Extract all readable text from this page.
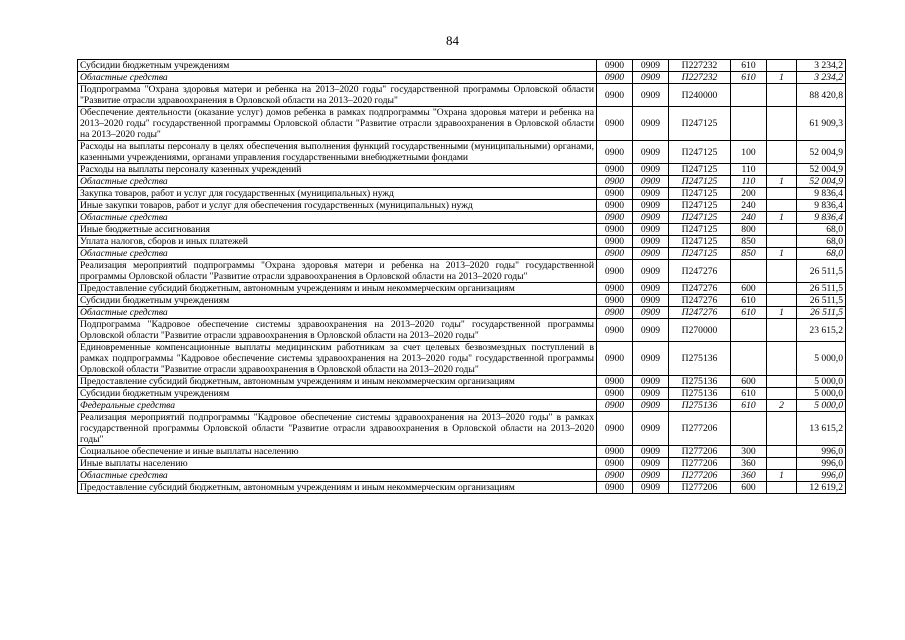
84
Субсидии бюджетным учреждениям	0900	0909	П227232	610		3 234,2
Областные средства	0900	0909	П227232	610	1	3 234,2
Подпрограмма "Охрана здоровья матери и ребенка на 2013–2020 годы" государственной программы Орловской области "Развитие отрасли здравоохранения в Орловской области на 2013–2020 годы"	0900	0909	П240000			88 420,8
Обеспечение деятельности (оказание услуг) домов ребенка в рамках подпрограммы "Охрана здоровья матери и ребенка на 2013–2020 годы" государственной программы Орловской области "Развитие отрасли здравоохранения в Орловской области на 2013–2020 годы"	0900	0909	П247125			61 909,3
Расходы на выплаты персоналу в целях обеспечения выполнения функций государственными (муниципальными) органами, казенными учреждениями, органами управления государственными внебюджетными фондами	0900	0909	П247125	100		52 004,9
Расходы на выплаты персоналу казенных учреждений	0900	0909	П247125	110		52 004,9
Областные средства	0900	0909	П247125	110	1	52 004,9
Закупка товаров, работ и услуг для государственных (муниципальных) нужд	0900	0909	П247125	200		9 836,4
Иные закупки товаров, работ и услуг для обеспечения государственных (муниципальных) нужд	0900	0909	П247125	240		9 836,4
Областные средства	0900	0909	П247125	240	1	9 836,4
Иные бюджетные ассигнования	0900	0909	П247125	800		68,0
Уплата налогов, сборов и иных платежей	0900	0909	П247125	850		68,0
Областные средства	0900	0909	П247125	850	1	68,0
Реализация мероприятий подпрограммы "Охрана здоровья матери и ребенка на 2013–2020 годы" государственной программы Орловской области "Развитие отрасли здравоохранения в Орловской области на 2013–2020 годы"	0900	0909	П247276			26 511,5
Предоставление субсидий бюджетным, автономным учреждениям и иным некоммерческим организациям	0900	0909	П247276	600		26 511,5
Субсидии бюджетным учреждениям	0900	0909	П247276	610		26 511,5
Областные средства	0900	0909	П247276	610	1	26 511,5
Подпрограмма "Кадровое обеспечение системы здравоохранения на 2013–2020 годы" государственной программы Орловской области "Развитие отрасли здравоохранения в Орловской области на 2013–2020 годы"	0900	0909	П270000			23 615,2
Единовременные компенсационные выплаты медицинским работникам за счет целевых безвозмездных поступлений в рамках подпрограммы "Кадровое обеспечение системы здравоохранения на 2013–2020 годы" государственной программы Орловской области "Развитие отрасли здравоохранения в Орловской области на 2013–2020 годы"	0900	0909	П275136			5 000,0
Предоставление субсидий бюджетным, автономным учреждениям и иным некоммерческим организациям	0900	0909	П275136	600		5 000,0
Субсидии бюджетным учреждениям	0900	0909	П275136	610		5 000,0
Федеральные средства	0900	0909	П275136	610	2	5 000,0
Реализация мероприятий подпрограммы "Кадровое обеспечение системы здравоохранения на 2013–2020 годы" в рамках государственной программы Орловской области "Развитие отрасли здравоохранения в Орловской области на 2013–2020 годы"	0900	0909	П277206			13 615,2
Социальное обеспечение и иные выплаты населению	0900	0909	П277206	300		996,0
Иные выплаты населению	0900	0909	П277206	360		996,0
Областные средства	0900	0909	П277206	360	1	996,0
Предоставление субсидий бюджетным, автономным учреждениям и иным некоммерческим организациям	0900	0909	П277206	600		12 619,2
